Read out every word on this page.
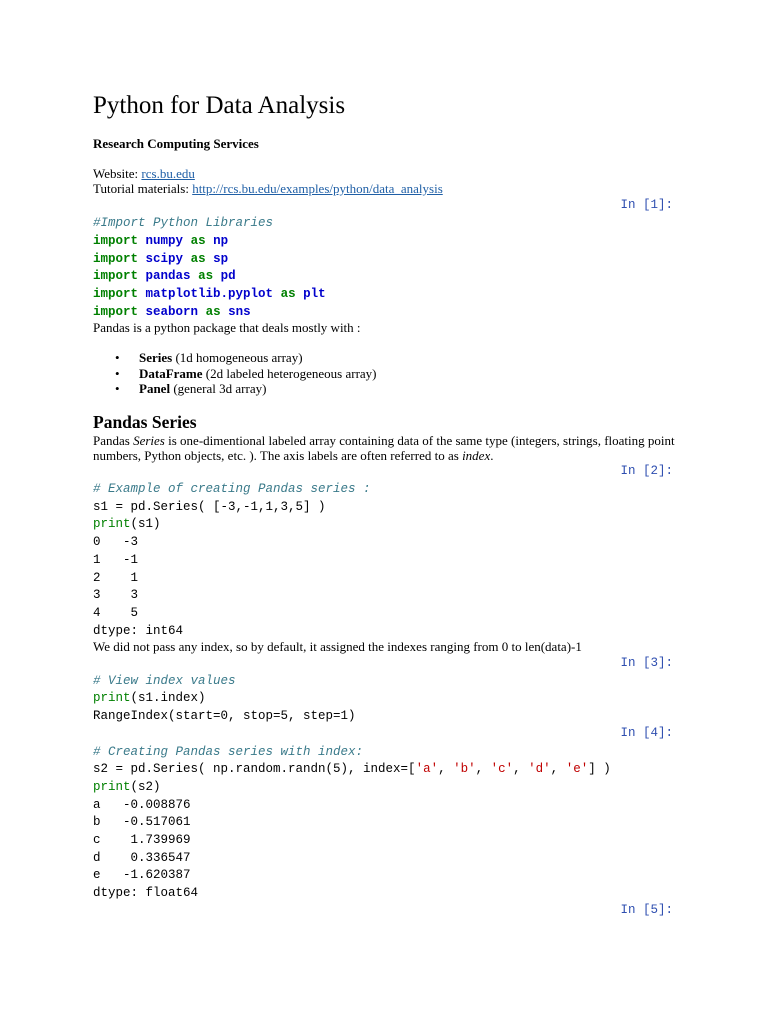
Python for Data Analysis
Research Computing Services
Website: rcs.bu.edu
Tutorial materials: http://rcs.bu.edu/examples/python/data_analysis
In [1]:
#Import Python Libraries
import numpy as np
import scipy as sp
import pandas as pd
import matplotlib.pyplot as plt
import seaborn as sns
Pandas is a python package that deals mostly with :
• Series (1d homogeneous array)
• DataFrame (2d labeled heterogeneous array)
• Panel (general 3d array)
Pandas Series
Pandas Series is one-dimentional labeled array containing data of the same type (integers, strings, floating point numbers, Python objects, etc. ). The axis labels are often referred to as index.
In [2]:
# Example of creating Pandas series :
s1 = pd.Series( [-3,-1,1,3,5] )
print(s1)
0   -3
1   -1
2    1
3    3
4    5
dtype: int64
We did not pass any index, so by default, it assigned the indexes ranging from 0 to len(data)-1
In [3]:
# View index values
print(s1.index)
RangeIndex(start=0, stop=5, step=1)
In [4]:
# Creating Pandas series with index:
s2 = pd.Series( np.random.randn(5), index=['a', 'b', 'c', 'd', 'e'] )
print(s2)
a   -0.008876
b   -0.517061
c    1.739969
d    0.336547
e   -1.620387
dtype: float64
In [5]:
